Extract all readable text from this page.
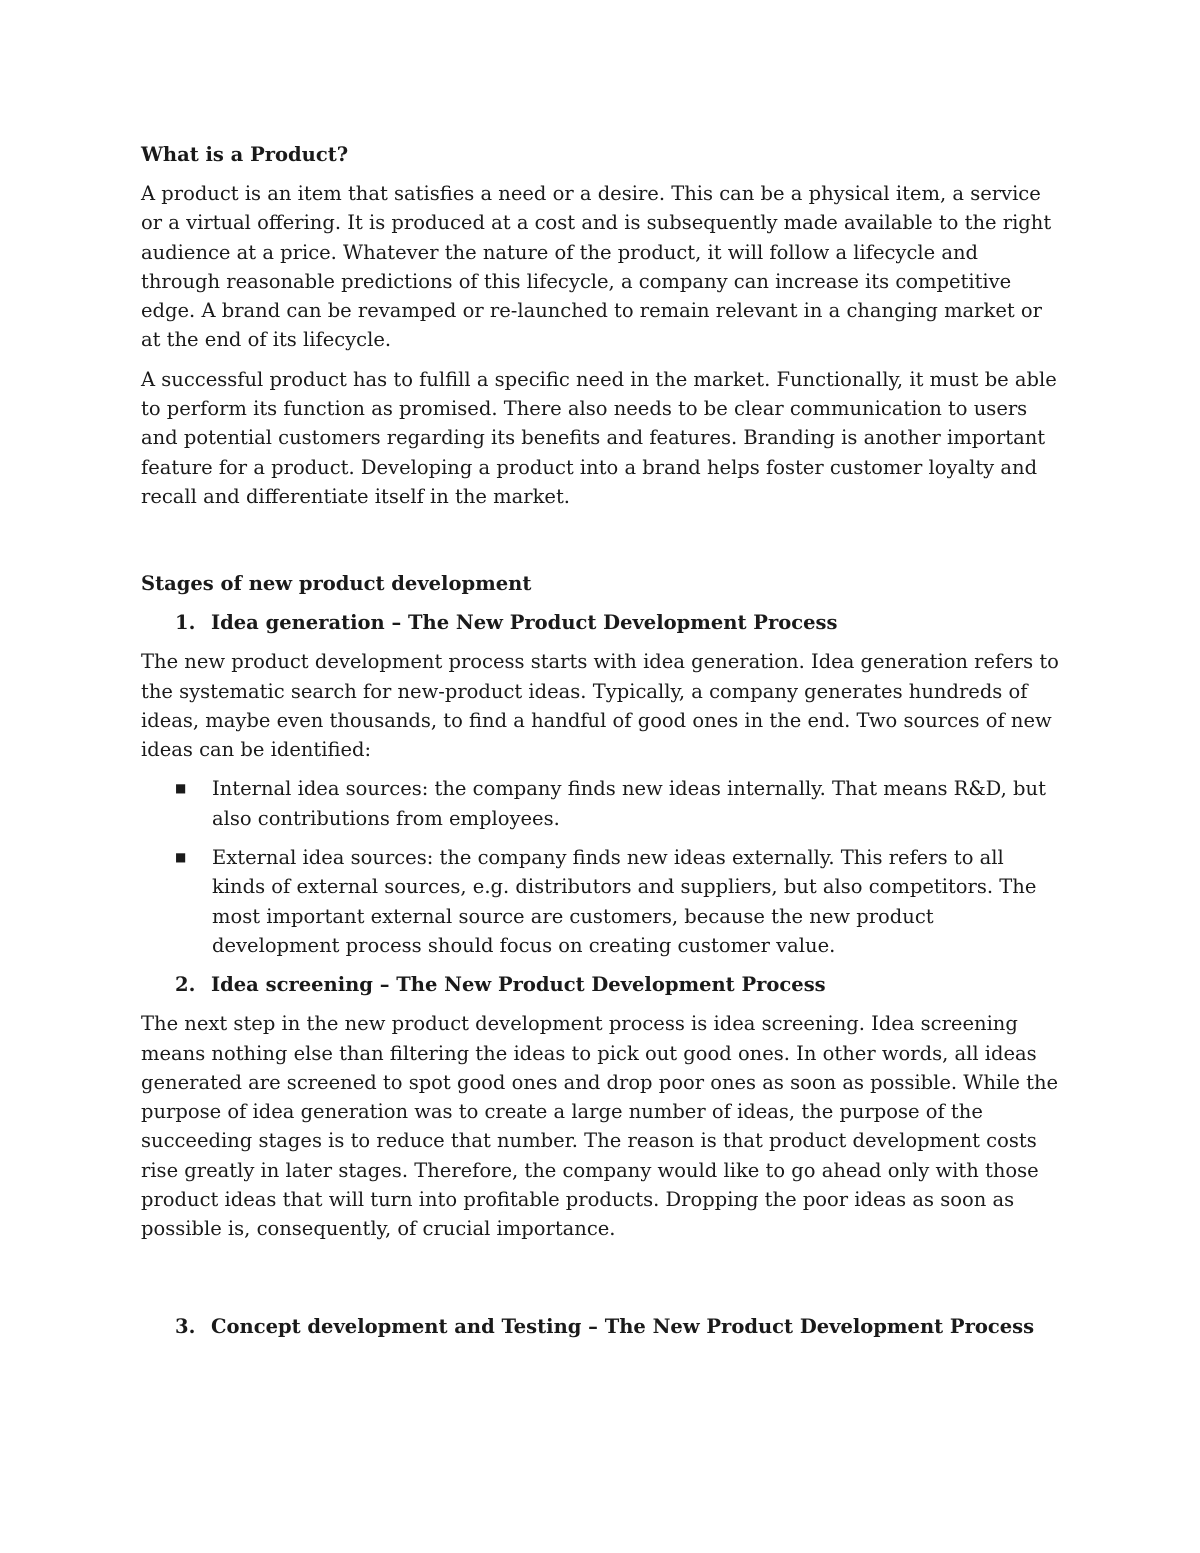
What is a Product?

A product is an item that satisfies a need or a desire. This can be a physical item, a service or a virtual offering. It is produced at a cost and is subsequently made available to the right audience at a price. Whatever the nature of the product, it will follow a lifecycle and through reasonable predictions of this lifecycle, a company can increase its competitive edge. A brand can be revamped or re-launched to remain relevant in a changing market or at the end of its lifecycle.

A successful product has to fulfill a specific need in the market. Functionally, it must be able to perform its function as promised. There also needs to be clear communication to users and potential customers regarding its benefits and features. Branding is another important feature for a product. Developing a product into a brand helps foster customer loyalty and recall and differentiate itself in the market.

Stages of new product development
1. Idea generation – The New Product Development Process

The new product development process starts with idea generation. Idea generation refers to the systematic search for new-product ideas. Typically, a company generates hundreds of ideas, maybe even thousands, to find a handful of good ones in the end. Two sources of new ideas can be identified:

■	Internal idea sources: the company finds new ideas internally. That means R&D, but also contributions from employees.
■	External idea sources: the company finds new ideas externally. This refers to all kinds of external sources, e.g. distributors and suppliers, but also competitors. The most important external source are customers, because the new product development process should focus on creating customer value.
2. Idea screening – The New Product Development Process

The next step in the new product development process is idea screening. Idea screening means nothing else than filtering the ideas to pick out good ones. In other words, all ideas generated are screened to spot good ones and drop poor ones as soon as possible. While the purpose of idea generation was to create a large number of ideas, the purpose of the succeeding stages is to reduce that number. The reason is that product development costs rise greatly in later stages. Therefore, the company would like to go ahead only with those product ideas that will turn into profitable products. Dropping the poor ideas as soon as possible is, consequently, of crucial importance.

3. Concept development and Testing – The New Product Development Process
